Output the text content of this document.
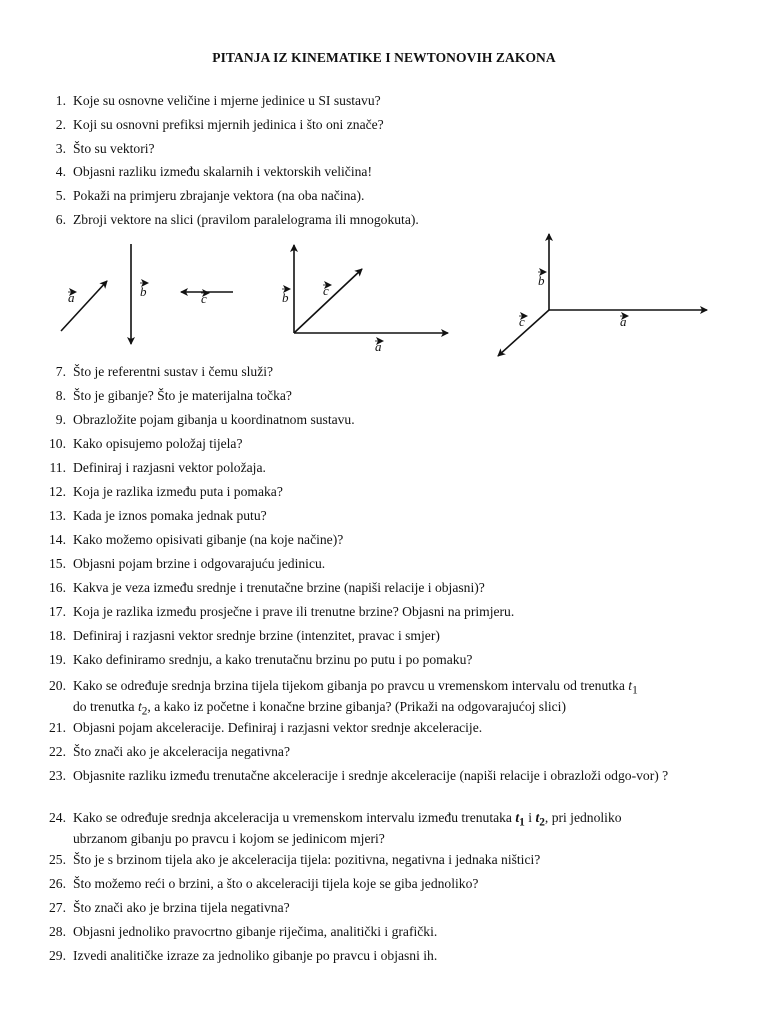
PITANJA IZ KINEMATIKE I NEWTONOVIH ZAKONA
1. Koje su osnovne veličine i mjerne jedinice u SI sustavu?
2. Koji su osnovni prefiksi mjernih jedinica i što oni znače?
3. Što su vektori?
4. Objasni razliku između skalarnih i vektorskih veličina!
5. Pokaži na primjeru zbrajanje vektora (na oba načina).
6. Zbroji vektore na slici (pravilom paralelograma ili mnogokuta).
a	b	c	b	c
a
b
c	a
7. Što je referentni sustav i čemu služi?
8. Što je gibanje? Što je materijalna točka?
9. Obrazložite pojam gibanja u koordinatnom sustavu.
10. Kako opisujemo položaj tijela?
11. Definiraj i razjasni vektor položaja.
12. Koja je razlika između puta i pomaka?
13. Kada je iznos pomaka jednak putu?
14. Kako možemo opisivati gibanje (na koje načine)?
15. Objasni pojam brzine i odgovarajuću jedinicu.
16. Kakva je veza između srednje i trenutačne brzine (napiši relacije i objasni)?
17. Koja je razlika između prosječne i prave ili trenutne brzine? Objasni na primjeru.
18. Definiraj i razjasni vektor srednje brzine (intenzitet, pravac i smjer)
19. Kako definiramo srednju, a kako trenutačnu brzinu po putu i po pomaku?
20. Kako se određuje srednja brzina tijela tijekom gibanja po pravcu u vremenskom intervalu od trenutka $t_1$
do trenutka $t_2$, a kako iz početne i konačne brzine gibanja? (Prikaži na odgovarajućoj slici)
21. Objasni pojam akceleracije. Definiraj i razjasni vektor srednje akceleracije.
22. Što znači ako je akceleracija negativna?
23. Objasnite razliku između trenutačne akceleracije i srednje akceleracije (napiši relacije i obrazloži odgo-vor) ?
24. Kako se određuje srednja akceleracija u vremenskom intervalu između trenutaka $t_1$ i $t_2$, pri jednoliko
ubrzanom gibanju po pravcu i kojom se jedinicom mjeri?
25. Što je s brzinom tijela ako je akceleracija tijela: pozitivna, negativna i jednaka ništici?
26. Što možemo reći o brzini, a što o akceleraciji tijela koje se giba jednoliko?
27. Što znači ako je brzina tijela negativna?
28. Objasni jednoliko pravocrtno gibanje riječima, analitički i grafički.
29. Izvedi analitičke izraze za jednoliko gibanje po pravcu i objasni ih.
